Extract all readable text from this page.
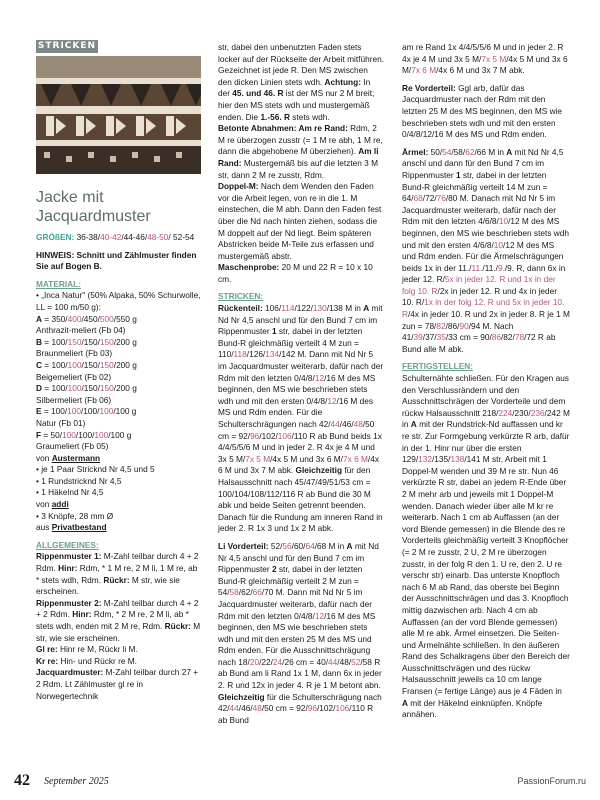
STRICKEN
Jacke mit Jacquardmuster
GRÖßEN: 36-38/40-42/44-46/48-50/ 52-54
HINWEIS: Schnitt und Zählmuster finden Sie auf Bogen B.
MATERIAL:
• „Inca Natur" (50% Alpaka, 50% Schurwolle, LL = 100 m/50 g):
A = 350/400/450/500/550 g
Anthrazit-meliert (Fb 04)
B = 100/150/150/150/200 g
Braunmeliert (Fb 03)
C = 100/100/150/150/200 g
Beigemeliert (Fb 02)
D = 100/100/150/150/200 g
Silbermeliert (Fb 06)
E = 100/100/100/100/100 g
Natur (Fb 01)
F = 50/100/100/100/100 g
Graumeliert (Fb 05)
von Austermann
• je 1 Paar Stricknd Nr 4,5 und 5
• 1 Rundstricknd Nr 4,5
• 1 Häkelnd Nr 4,5
von addi
• 3 Knöpfe, 28 mm Ø
aus Privatbestand
ALLGEMEINES:
Rippenmuster 1: M-Zahl teilbar durch 4 + 2 Rdm. Hinr: Rdm, * 1 M re, 2 M li, 1 M re, ab * stets wdh, Rdm. Rückr: M str, wie sie erscheinen.
Rippenmuster 2: M-Zahl teilbar durch 4 + 2 + 2 Rdm. Hinr: Rdm, * 2 M re, 2 M li, ab * stets wdh, enden mit 2 M re, Rdm. Rückr: M str, wie sie erscheinen.
Gl re: Hinr re M, Rückr li M.
Kr re: Hin- und Rückr re M.
Jacquardmuster: M-Zahl teilbar durch 27 + 2 Rdm. Lt Zählmuster gl re in Norwegertechnik
str, dabei den unbenutzten Faden stets locker auf der Rückseite der Arbeit mitführen. Gezeichnet ist jede R. Den MS zwischen den dicken Linien stets wdh. Achtung: In der 45. und 46. R ist der MS nur 2 M breit; hier den MS stets wdh und mustergemäß enden. Die 1.-56. R stets wdh.
Betonte Abnahmen: Am re Rand: Rdm, 2 M re überzogen zusstr (= 1 M re abh, 1 M re, dann die abgehobene M überziehen). Am li Rand: Mustergemäß bis auf die letzten 3 M str, dann 2 M re zusstr, Rdm.
Doppel-M: Nach dem Wenden den Faden vor die Arbeit legen, von re in die 1. M einstechen, die M abh. Dann den Faden fest über die Nd nach hinten ziehen, sodass die M doppelt auf der Nd liegt. Beim späteren Abstricken beide M-Teile zus erfassen und mustergemäß abstr.
Maschenprobe: 20 M und 22 R = 10 x 10 cm.
STRICKEN:
Rückenteil: 106/114/122/130/138 M in A mit Nd Nr 4,5 anschl und für den Bund 7 cm im Rippenmuster 1 str, dabei in der letzten Bund-R gleichmäßig verteilt 4 M zun = 110/118/126/134/142 M. Dann mit Nd Nr 5 im Jacquardmuster weiterarb, dafür nach der Rdm mit den letzten 0/4/8/12/16 M des MS beginnen, den MS wie beschrieben stets wdh und mit den ersten 0/4/8/12/16 M des MS und Rdm enden. Für die Schulterschrägungen nach 42/44/46/48/50 cm = 92/96/102/106/110 R ab Bund beids 1x 4/4/5/5/6 M und in jeder 2. R 4x je 4 M und 3x 5 M/7x 5 M/4x 5 M und 3x 6 M/7x 6 M/4x 6 M und 3x 7 M abk. Gleichzeitig für den Halsausschnitt nach 45/47/49/51/53 cm = 100/104/108/112/116 R ab Bund die 30 M abk und beide Seiten getrennt beenden. Danach für die Rundung am inneren Rand in jeder 2. R 1x 3 und 1x 2 M abk.
Li Vorderteil: 52/56/60/64/68 M in A mit Nd Nr 4,5 anschl und für den Bund 7 cm im Rippenmuster 2 str, dabei in der letzten Bund-R gleichmäßig verteilt 2 M zun = 54/58/62/66/70 M. Dann mit Nd Nr 5 im Jacquardmuster weiterarb, dafür nach der Rdm mit den letzten 0/4/8/12/16 M des MS beginnen, den MS wie beschrieben stets wdh und mit den ersten 25 M des MS und Rdm enden. Für die Ausschnittschrägung nach 18/20/22/24/26 cm = 40/44/48/52/58 R ab Bund am li Rand 1x 1 M, dann 6x in jeder 2. R und 12x in jeder 4. R je 1 M betont abn. Gleichzeitig für die Schulterschrägung nach 42/44/46/48/50 cm = 92/96/102/106/110 R ab Bund
am re Rand 1x 4/4/5/5/6 M und in jeder 2. R 4x je 4 M und 3x 5 M/7x 5 M/4x 5 M und 3x 6 M/7x 6 M/4x 6 M und 3x 7 M abk.
Re Vorderteil: Ggl arb, dafür das Jacquardmuster nach der Rdm mit den letzten 25 M des MS beginnen, den MS wie beschrieben stets wdh und mit den ersten 0/4/8/12/16 M des MS und Rdm enden.
Ärmel: 50/54/58/62/66 M in A mit Nd Nr 4,5 anschl und dann für den Bund 7 cm im Rippenmuster 1 str, dabei in der letzten Bund-R gleichmäßig verteilt 14 M zun = 64/68/72/76/80 M. Danach mit Nd Nr 5 im Jacquardmuster weiterarb, dafür nach der Rdm mit den letzten 4/6/8/10/12 M des MS beginnen, den MS wie beschrieben stets wdh und mit den ersten 4/6/8/10/12 M des MS und Rdm enden. Für die Ärmelschrägungen beids 1x in der 11./11./11./9./9. R, dann 6x in jeder 12. R/5x in jeder 12. R und 1x in der folg 10. R/2x in jeder 12. R und 4x in jeder 10. R/1x in der folg 12. R und 5x in jeder 10. R/4x in jeder 10. R und 2x in jeder 8. R je 1 M zun = 78/82/86/90/94 M. Nach 41/39/37/35/33 cm = 90/86/82/78/72 R ab Bund alle M abk.
FERTIGSTELLEN:
Schulternähte schließen. Für den Kragen aus den Verschlussrändern und den Ausschnittschrägen der Vorderteile und dem rückw Halsausschnitt 218/224/230/236/242 M in A mit der Rundstrick-Nd auffassen und kr re str. Zur Formgebung verkürzte R arb, dafür in der 1. Hinr nur über die ersten 129/132/135/138/141 M str, Arbeit mit 1 Doppel-M wenden und 39 M re str. Nun 46 verkürzte R str, dabei an jedem R-Ende über 2 M mehr arb und jeweils mit 1 Doppel-M wenden. Danach wieder über alle M kr re weiterarb. Nach 1 cm ab Auffassen (an der vord Blende gemessen) in die Blende des re Vorderteils gleichmäßig verteilt 3 Knopflöcher (= 2 M re zusstr, 2 U, 2 M re überzogen zusstr, in der folg R den 1. U re, den 2. U re verschr str) einarb. Das unterste Knopfloch nach 6 M ab Rand, das oberste bei Beginn der Ausschnittschrägen und das 3. Knopfloch mittig dazwischen arb. Nach 4 cm ab Auffassen (an der vord Blende gemessen) alle M re abk. Ärmel einsetzen. Die Seiten- und Ärmelnähte schließen. In den äußeren Rand des Schalkragens über den Bereich der Ausschnittschrägen und des rückw Halsausschnitt jeweils ca 10 cm lange Fransen (= fertige Länge) aus je 4 Fäden in A mit der Häkelnd einknüpfen. Knöpfe annähen.
42 September 2025	PassionForum.ru
